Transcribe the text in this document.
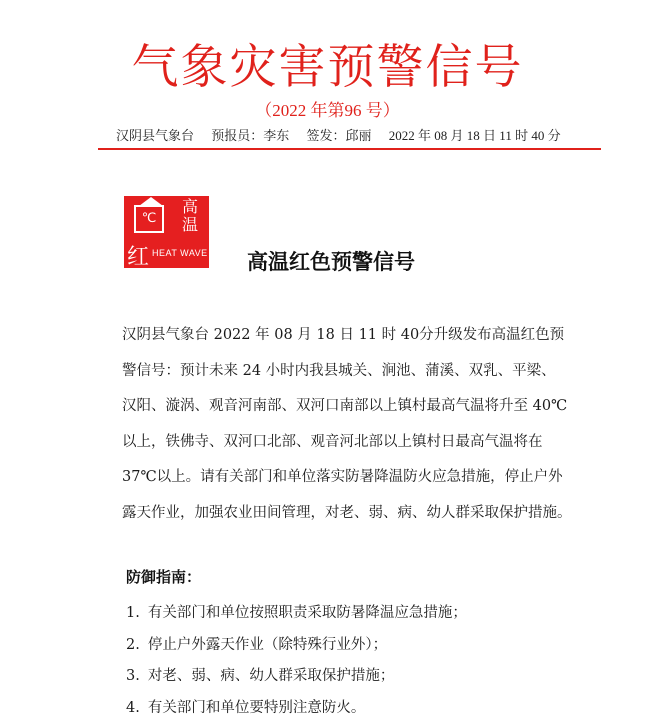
气象灾害预警信号
（2022 年第96 号）
汉阴县气象台 预报员：李东 签发：邱丽 2022 年 08 月 18 日 11 时 40 分
℃
高
温
红 HEAT WAVE 高温红色预警信号
汉阴县气象台 2022 年 08 月 18 日 11 时 40分升级发布高温红色预
警信号：预计未来 24 小时内我县城关、涧池、蒲溪、双乳、平梁、
汉阳、漩涡、观音河南部、双河口南部以上镇村最高气温将升至 40℃
以上，铁佛寺、双河口北部、观音河北部以上镇村日最高气温将在
37℃以上。请有关部门和单位落实防暑降温防火应急措施，停止户外
露天作业，加强农业田间管理，对老、弱、病、幼人群采取保护措施。
防御指南：
1. 有关部门和单位按照职责采取防暑降温应急措施；
2. 停止户外露天作业（除特殊行业外）；
3. 对老、弱、病、幼人群采取保护措施；
4. 有关部门和单位要特别注意防火。
